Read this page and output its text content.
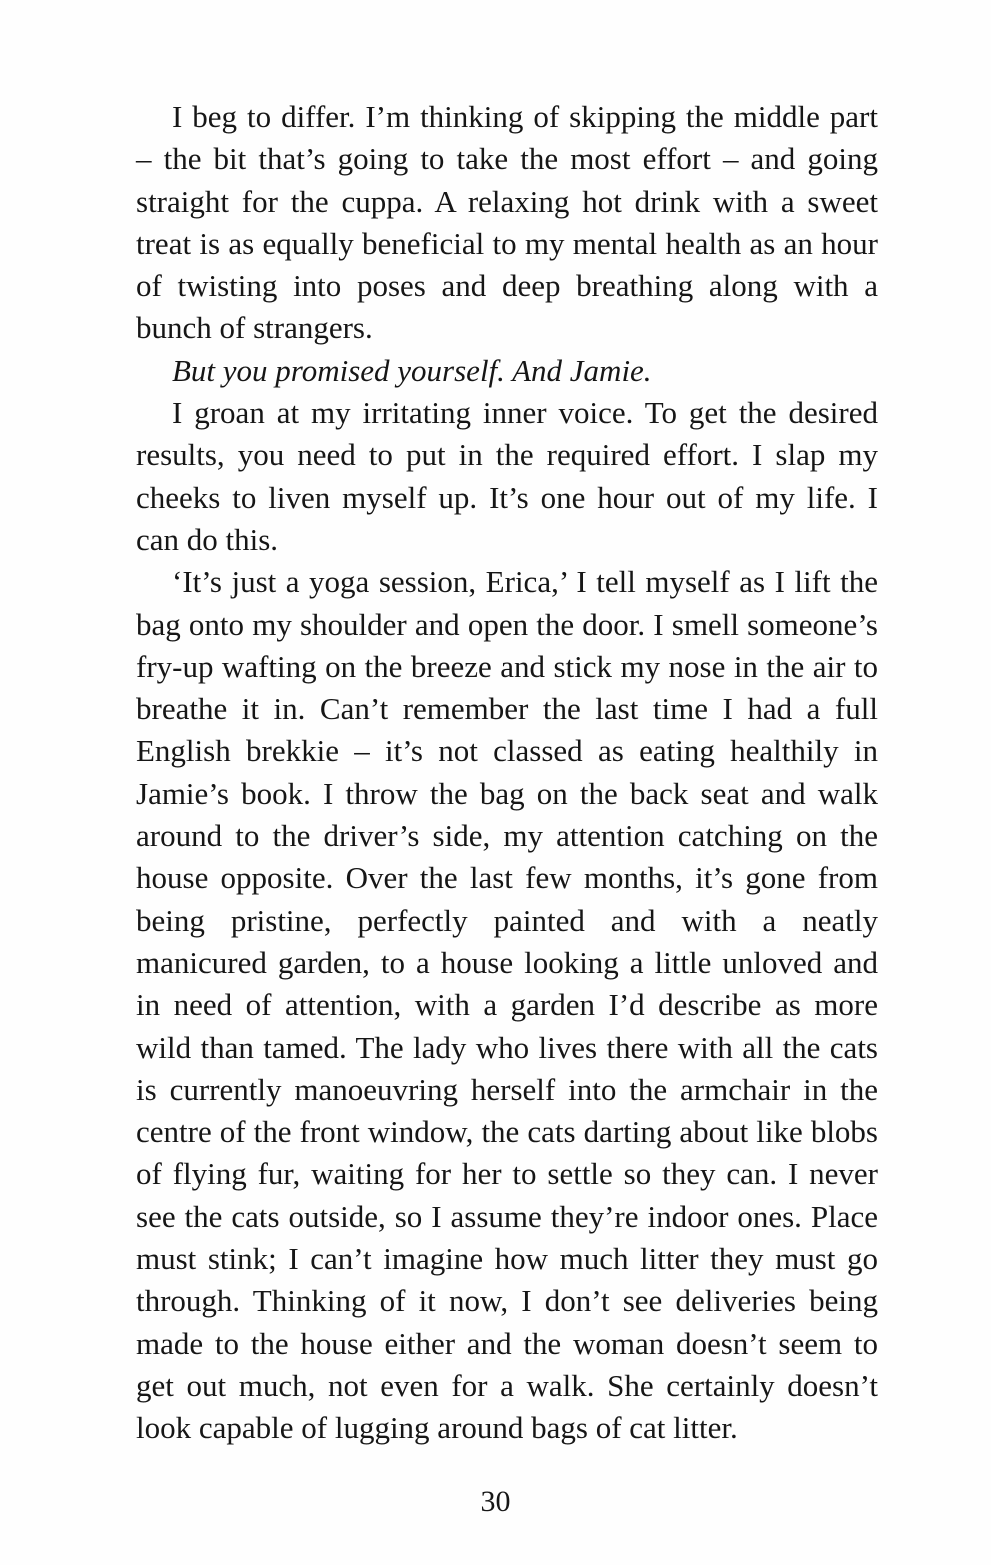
I beg to differ. I’m thinking of skipping the middle part – the bit that’s going to take the most effort – and going straight for the cuppa. A relaxing hot drink with a sweet treat is as equally beneficial to my mental health as an hour of twisting into poses and deep breathing along with a bunch of strangers.

But you promised yourself. And Jamie.

I groan at my irritating inner voice. To get the desired results, you need to put in the required effort. I slap my cheeks to liven myself up. It’s one hour out of my life. I can do this.

‘It’s just a yoga session, Erica,’ I tell myself as I lift the bag onto my shoulder and open the door. I smell someone’s fry-up wafting on the breeze and stick my nose in the air to breathe it in. Can’t remember the last time I had a full English brekkie – it’s not classed as eating healthily in Jamie’s book. I throw the bag on the back seat and walk around to the driver’s side, my attention catching on the house opposite. Over the last few months, it’s gone from being pristine, perfectly painted and with a neatly manicured garden, to a house looking a little unloved and in need of attention, with a garden I’d describe as more wild than tamed. The lady who lives there with all the cats is currently manoeuvring herself into the armchair in the centre of the front window, the cats darting about like blobs of flying fur, waiting for her to settle so they can. I never see the cats outside, so I assume they’re indoor ones. Place must stink; I can’t imagine how much litter they must go through. Thinking of it now, I don’t see deliveries being made to the house either and the woman doesn’t seem to get out much, not even for a walk. She certainly doesn’t look capable of lugging around bags of cat litter.

30
